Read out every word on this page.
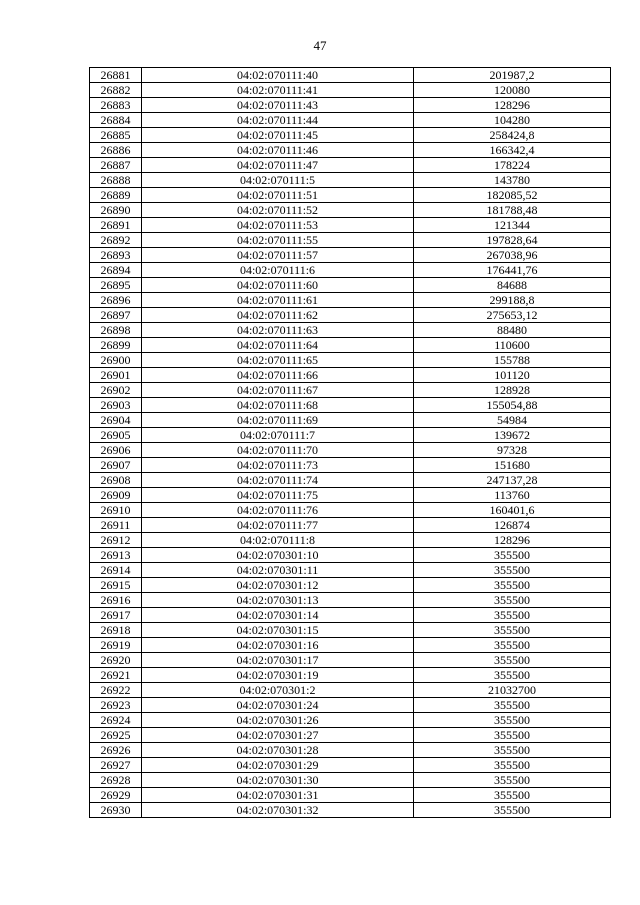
47
26881	04:02:070111:40	201987,2
26882	04:02:070111:41	120080
26883	04:02:070111:43	128296
26884	04:02:070111:44	104280
26885	04:02:070111:45	258424,8
26886	04:02:070111:46	166342,4
26887	04:02:070111:47	178224
26888	04:02:070111:5	143780
26889	04:02:070111:51	182085,52
26890	04:02:070111:52	181788,48
26891	04:02:070111:53	121344
26892	04:02:070111:55	197828,64
26893	04:02:070111:57	267038,96
26894	04:02:070111:6	176441,76
26895	04:02:070111:60	84688
26896	04:02:070111:61	299188,8
26897	04:02:070111:62	275653,12
26898	04:02:070111:63	88480
26899	04:02:070111:64	110600
26900	04:02:070111:65	155788
26901	04:02:070111:66	101120
26902	04:02:070111:67	128928
26903	04:02:070111:68	155054,88
26904	04:02:070111:69	54984
26905	04:02:070111:7	139672
26906	04:02:070111:70	97328
26907	04:02:070111:73	151680
26908	04:02:070111:74	247137,28
26909	04:02:070111:75	113760
26910	04:02:070111:76	160401,6
26911	04:02:070111:77	126874
26912	04:02:070111:8	128296
26913	04:02:070301:10	355500
26914	04:02:070301:11	355500
26915	04:02:070301:12	355500
26916	04:02:070301:13	355500
26917	04:02:070301:14	355500
26918	04:02:070301:15	355500
26919	04:02:070301:16	355500
26920	04:02:070301:17	355500
26921	04:02:070301:19	355500
26922	04:02:070301:2	21032700
26923	04:02:070301:24	355500
26924	04:02:070301:26	355500
26925	04:02:070301:27	355500
26926	04:02:070301:28	355500
26927	04:02:070301:29	355500
26928	04:02:070301:30	355500
26929	04:02:070301:31	355500
26930	04:02:070301:32	355500
